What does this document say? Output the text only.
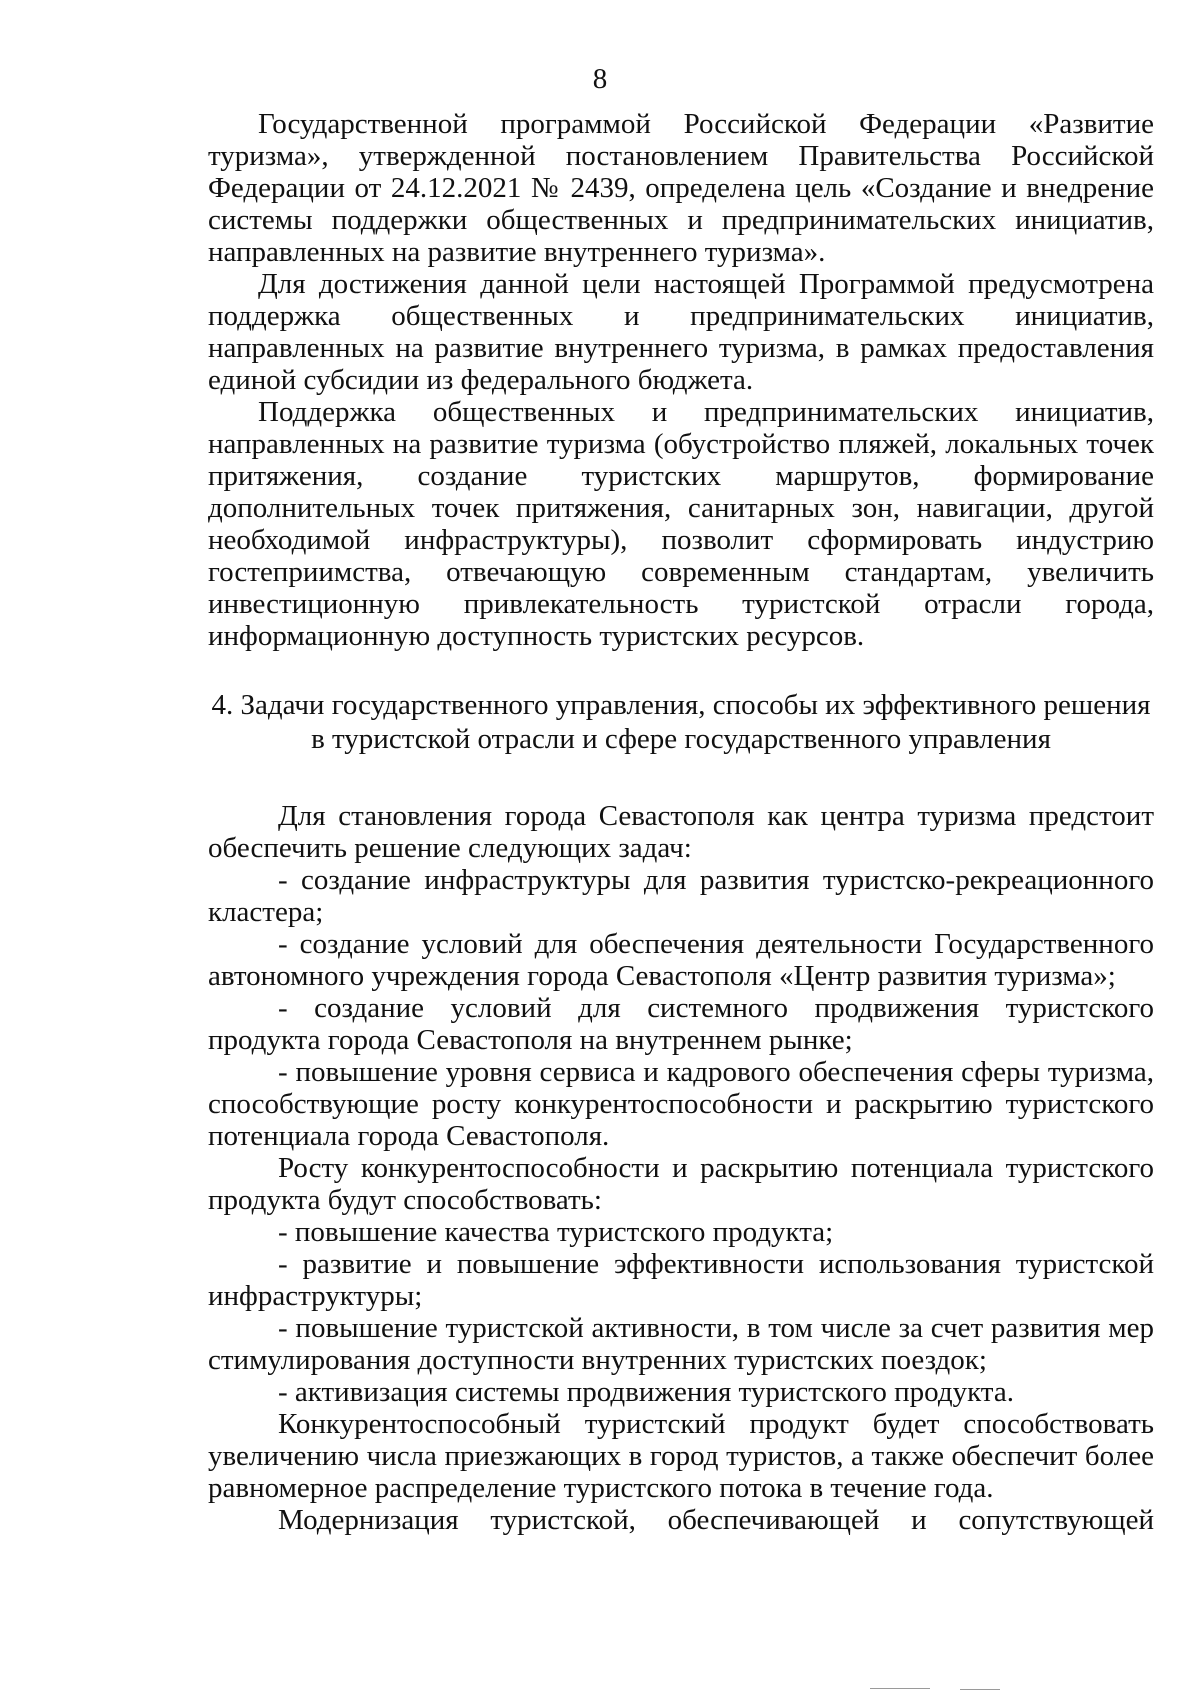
8

Государственной программой Российской Федерации «Развитие туризма», утвержденной постановлением Правительства Российской Федерации от 24.12.2021 № 2439, определена цель «Создание и внедрение системы поддержки общественных и предпринимательских инициатив, направленных на развитие внутреннего туризма».

Для достижения данной цели настоящей Программой предусмотрена поддержка общественных и предпринимательских инициатив, направленных на развитие внутреннего туризма, в рамках предоставления единой субсидии из федерального бюджета.

Поддержка общественных и предпринимательских инициатив, направленных на развитие туризма (обустройство пляжей, локальных точек притяжения, создание туристских маршрутов, формирование дополнительных точек притяжения, санитарных зон, навигации, другой необходимой инфраструктуры), позволит сформировать индустрию гостеприимства, отвечающую современным стандартам, увеличить инвестиционную привлекательность туристской отрасли города, информационную доступность туристских ресурсов.

4. Задачи государственного управления, способы их эффективного решения
в туристской отрасли и сфере государственного управления

Для становления города Севастополя как центра туризма предстоит обеспечить решение следующих задач:

- создание инфраструктуры для развития туристско-рекреационного кластера;

- создание условий для обеспечения деятельности Государственного автономного учреждения города Севастополя «Центр развития туризма»;

- создание условий для системного продвижения туристского продукта города Севастополя на внутреннем рынке;

- повышение уровня сервиса и кадрового обеспечения сферы туризма, способствующие росту конкурентоспособности и раскрытию туристского потенциала города Севастополя.

Росту конкурентоспособности и раскрытию потенциала туристского продукта будут способствовать:

- повышение качества туристского продукта;

- развитие и повышение эффективности использования туристской инфраструктуры;

- повышение туристской активности, в том числе за счет развития мер стимулирования доступности внутренних туристских поездок;

- активизация системы продвижения туристского продукта.

Конкурентоспособный туристский продукт будет способствовать увеличению числа приезжающих в город туристов, а также обеспечит более равномерное распределение туристского потока в течение года.

Модернизация туристской, обеспечивающей и сопутствующей
